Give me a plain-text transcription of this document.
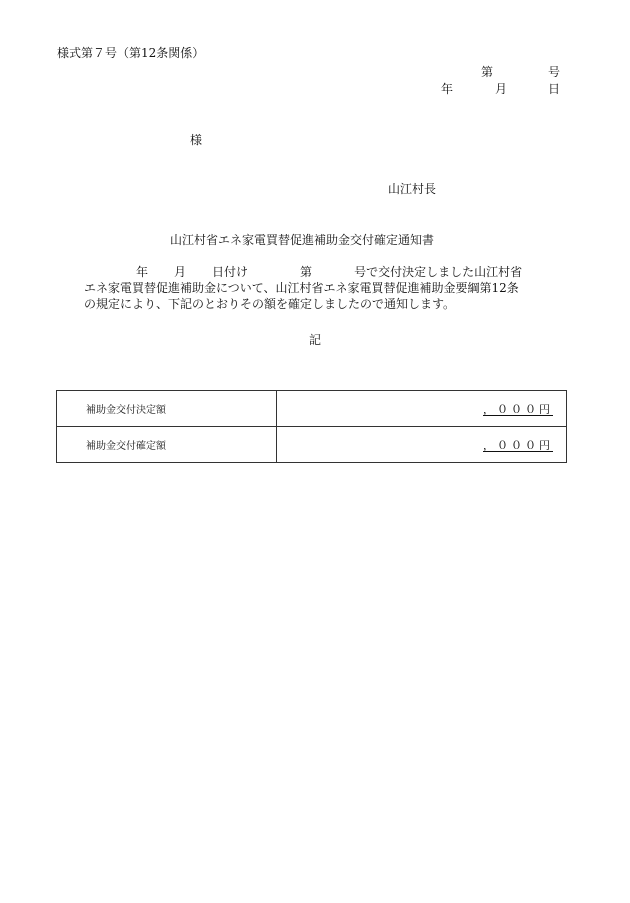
様式第７号（第12条関係）
第	号
年	月	日
様
山江村長
山江村省エネ家電買替促進補助金交付確定通知書
年 月 日付け	第	号で交付決定しました山江村省
エネ家電買替促進補助金について、山江村省エネ家電買替促進補助金要綱第12条
の規定により、下記のとおりその額を確定しましたので通知します。
記
補助金交付決定額	，０００円
補助金交付確定額	，０００円
